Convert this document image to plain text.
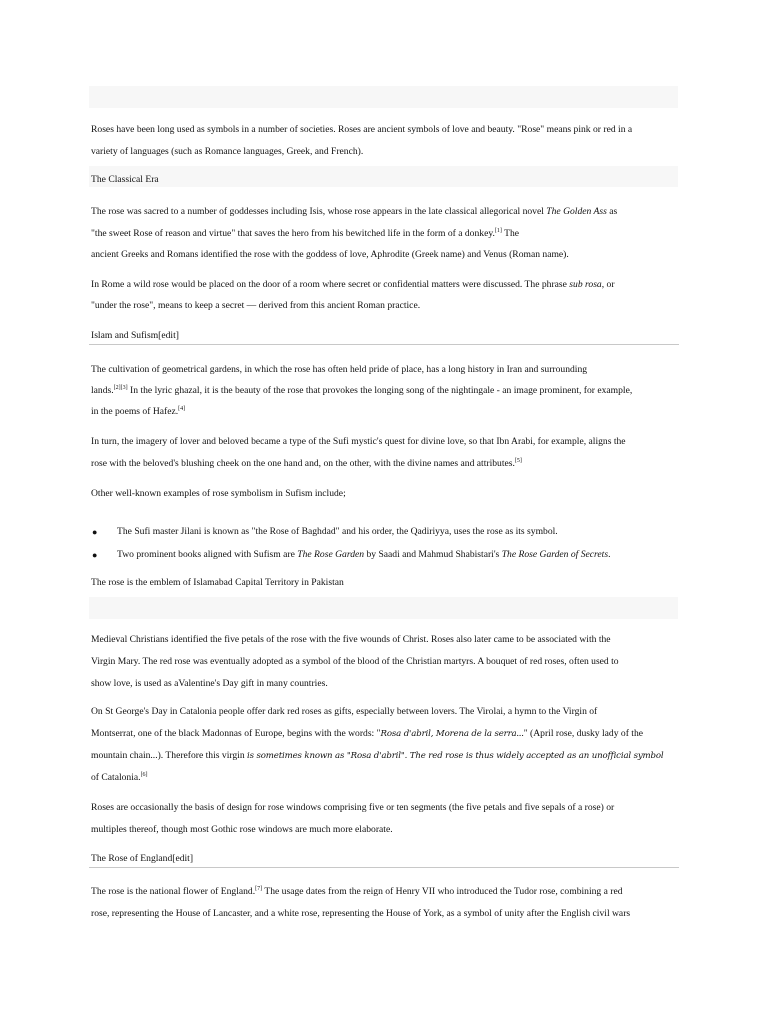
Roses have been long used as symbols in a number of societies. Roses are ancient symbols of love and beauty. "Rose" means pink or red in a
variety of languages (such as Romance languages, Greek, and French).
The Classical Era
The rose was sacred to a number of goddesses including Isis, whose rose appears in the late classical allegorical novel The Golden Ass as
"the sweet Rose of reason and virtue" that saves the hero from his bewitched life in the form of a donkey.[1] The
ancient Greeks and Romans identified the rose with the goddess of love, Aphrodite (Greek name) and Venus (Roman name).
In Rome a wild rose would be placed on the door of a room where secret or confidential matters were discussed. The phrase sub rosa, or
"under the rose", means to keep a secret — derived from this ancient Roman practice.
Islam and Sufism[edit]
The cultivation of geometrical gardens, in which the rose has often held pride of place, has a long history in Iran and surrounding
lands.[2][3] In the lyric ghazal, it is the beauty of the rose that provokes the longing song of the nightingale - an image prominent, for example,
in the poems of Hafez.[4]
In turn, the imagery of lover and beloved became a type of the Sufi mystic's quest for divine love, so that Ibn Arabi, for example, aligns the
rose with the beloved's blushing cheek on the one hand and, on the other, with the divine names and attributes.[5]
Other well-known examples of rose symbolism in Sufism include;
● The Sufi master Jilani is known as "the Rose of Baghdad" and his order, the Qadiriyya, uses the rose as its symbol.
● Two prominent books aligned with Sufism are The Rose Garden by Saadi and Mahmud Shabistari's The Rose Garden of Secrets.
The rose is the emblem of Islamabad Capital Territory in Pakistan
Medieval Christians identified the five petals of the rose with the five wounds of Christ. Roses also later came to be associated with the
Virgin Mary. The red rose was eventually adopted as a symbol of the blood of the Christian martyrs. A bouquet of red roses, often used to
show love, is used as aValentine's Day gift in many countries.
On St George's Day in Catalonia people offer dark red roses as gifts, especially between lovers. The Virolai, a hymn to the Virgin of
Montserrat, one of the black Madonnas of Europe, begins with the words: "Rosa d'abril, Morena de la serra..." (April rose, dusky lady of the
mountain chain...). Therefore this virgin is sometimes known as "Rosa d'abril". The red rose is thus widely accepted as an unofficial symbol
of Catalonia.[6]
Roses are occasionally the basis of design for rose windows comprising five or ten segments (the five petals and five sepals of a rose) or
multiples thereof, though most Gothic rose windows are much more elaborate.
The Rose of England[edit]
The rose is the national flower of England.[7] The usage dates from the reign of Henry VII who introduced the Tudor rose, combining a red
rose, representing the House of Lancaster, and a white rose, representing the House of York, as a symbol of unity after the English civil wars
